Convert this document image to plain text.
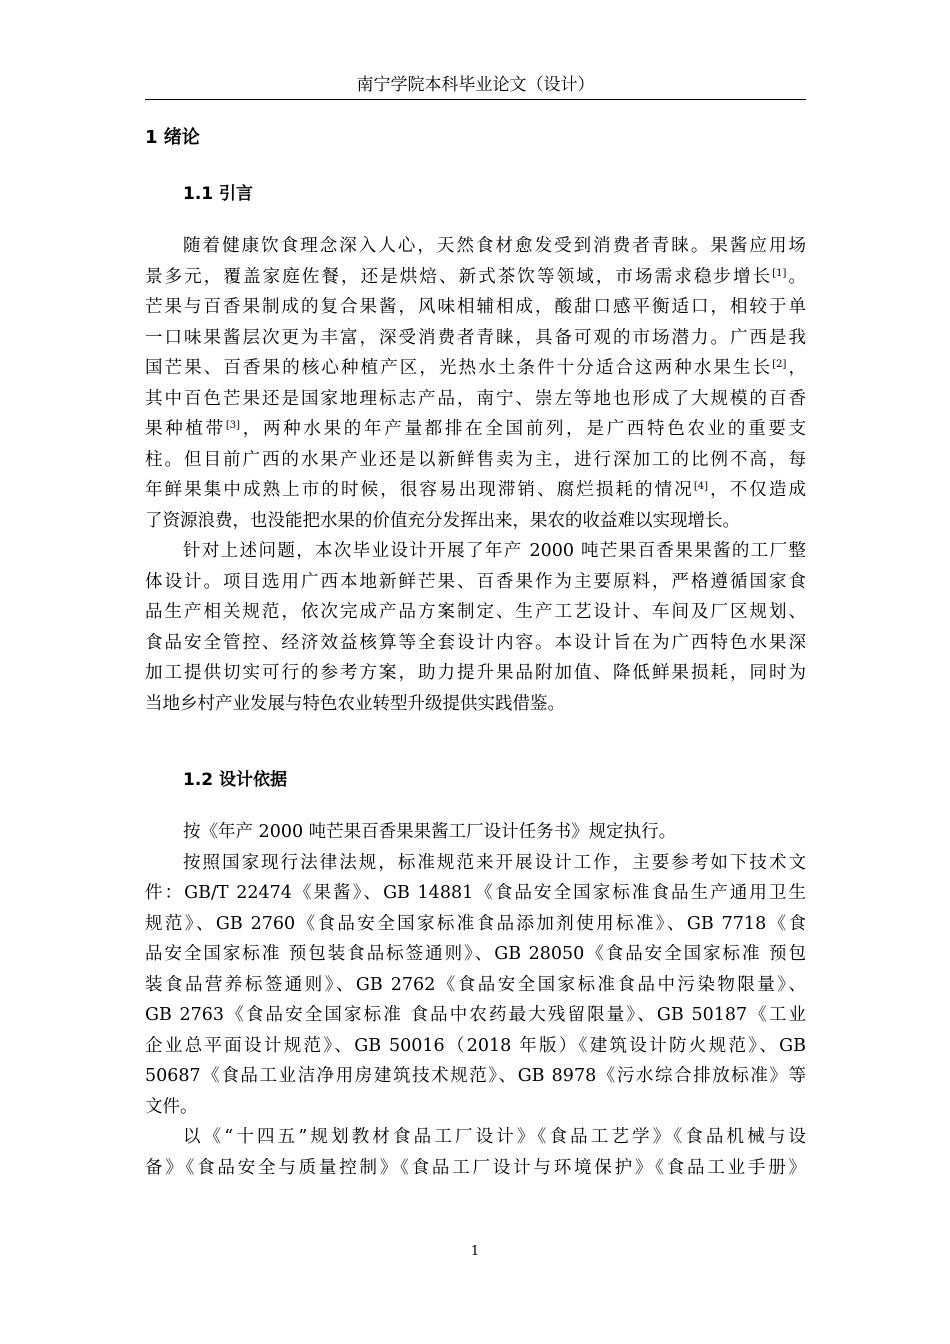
南宁学院本科毕业论文（设计）
1 绪论
1.1 引言
随着健康饮食理念深入人心，天然食材愈发受到消费者青睐。果酱应用场
景多元，覆盖家庭佐餐，还是烘焙、新式茶饮等领域，市场需求稳步增长[1]。
芒果与百香果制成的复合果酱，风味相辅相成，酸甜口感平衡适口，相较于单
一口味果酱层次更为丰富，深受消费者青睐，具备可观的市场潜力。广西是我
国芒果、百香果的核心种植产区，光热水土条件十分适合这两种水果生长[2]，
其中百色芒果还是国家地理标志产品，南宁、崇左等地也形成了大规模的百香
果种植带[3]，两种水果的年产量都排在全国前列，是广西特色农业的重要支
柱。但目前广西的水果产业还是以新鲜售卖为主，进行深加工的比例不高，每
年鲜果集中成熟上市的时候，很容易出现滞销、腐烂损耗的情况[4]，不仅造成
了资源浪费，也没能把水果的价值充分发挥出来，果农的收益难以实现增长。
针对上述问题，本次毕业设计开展了年产 2000 吨芒果百香果果酱的工厂整
体设计。项目选用广西本地新鲜芒果、百香果作为主要原料，严格遵循国家食
品生产相关规范，依次完成产品方案制定、生产工艺设计、车间及厂区规划、
食品安全管控、经济效益核算等全套设计内容。本设计旨在为广西特色水果深
加工提供切实可行的参考方案，助力提升果品附加值、降低鲜果损耗，同时为
当地乡村产业发展与特色农业转型升级提供实践借鉴。
1.2 设计依据
按《年产 2000 吨芒果百香果果酱工厂设计任务书》规定执行。
按照国家现行法律法规，标准规范来开展设计工作，主要参考如下技术文
件：GB/T 22474《果酱》、GB 14881《食品安全国家标准食品生产通用卫生
规范》、GB 2760《食品安全国家标准食品添加剂使用标准》、GB 7718《食
品安全国家标准 预包装食品标签通则》、GB 28050《食品安全国家标准 预包
装食品营养标签通则》、GB 2762《食品安全国家标准食品中污染物限量》、
GB 2763《食品安全国家标准 食品中农药最大残留限量》、GB 50187《工业
企业总平面设计规范》、GB 50016（2018 年版）《建筑设计防火规范》、GB
50687《食品工业洁净用房建筑技术规范》、GB 8978《污水综合排放标准》等
文件。
以《“十四五”规划教材食品工厂设计》《食品工艺学》《食品机械与设
备》《食品安全与质量控制》《食品工厂设计与环境保护》《食品工业手册》
1
